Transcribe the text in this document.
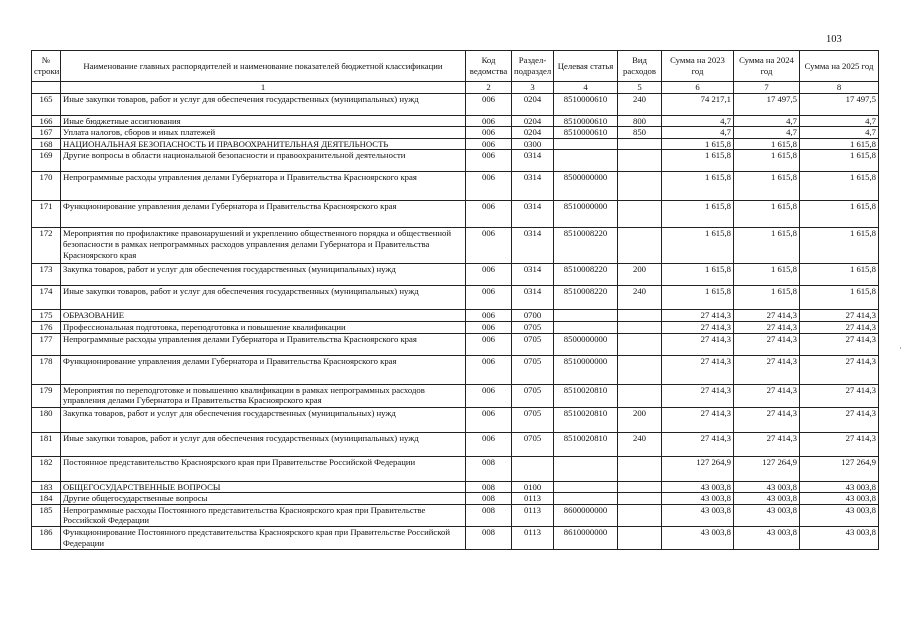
103
·
№ строки	Наименование главных распорядителей и наименование показателей бюджетной классификации	Код ведомства	Раздел-подраздел	Целевая статья	Вид расходов	Сумма на 2023 год	Сумма на 2024 год	Сумма на 2025 год
	1	2	3	4	5	6	7	8
165	Иные закупки товаров, работ и услуг для обеспечения государственных (муниципальных) нужд	006	0204	8510000610	240	74 217,1	17 497,5	17 497,5
166	Иные бюджетные ассигнования	006	0204	8510000610	800	4,7	4,7	4,7
167	Уплата налогов, сборов и иных платежей	006	0204	8510000610	850	4,7	4,7	4,7
168	НАЦИОНАЛЬНАЯ БЕЗОПАСНОСТЬ И ПРАВООХРАНИТЕЛЬНАЯ ДЕЯТЕЛЬНОСТЬ	006	0300			1 615,8	1 615,8	1 615,8
169	Другие вопросы в области национальной безопасности и правоохранительной деятельности	006	0314			1 615,8	1 615,8	1 615,8
170	Непрограммные расходы управления делами Губернатора и Правительства Красноярского края	006	0314	8500000000		1 615,8	1 615,8	1 615,8
171	Функционирование управления делами Губернатора и Правительства Красноярского края	006	0314	8510000000		1 615,8	1 615,8	1 615,8
172	Мероприятия по профилактике правонарушений и укреплению общественного порядка и общественной безопасности в рамках непрограммных расходов управления делами Губернатора и Правительства Красноярского края	006	0314	8510008220		1 615,8	1 615,8	1 615,8
173	Закупка товаров, работ и услуг для обеспечения государственных (муниципальных) нужд	006	0314	8510008220	200	1 615,8	1 615,8	1 615,8
174	Иные закупки товаров, работ и услуг для обеспечения государственных (муниципальных) нужд	006	0314	8510008220	240	1 615,8	1 615,8	1 615,8
175	ОБРАЗОВАНИЕ	006	0700			27 414,3	27 414,3	27 414,3
176	Профессиональная подготовка, переподготовка и повышение квалификации	006	0705			27 414,3	27 414,3	27 414,3
177	Непрограммные расходы управления делами Губернатора и Правительства Красноярского края	006	0705	8500000000		27 414,3	27 414,3	27 414,3
178	Функционирование управления делами Губернатора и Правительства Красноярского края	006	0705	8510000000		27 414,3	27 414,3	27 414,3
179	Мероприятия по переподготовке и повышению квалификации в рамках непрограммных расходов управления делами Губернатора и Правительства Красноярского края	006	0705	8510020810		27 414,3	27 414,3	27 414,3
180	Закупка товаров, работ и услуг для обеспечения государственных (муниципальных) нужд	006	0705	8510020810	200	27 414,3	27 414,3	27 414,3
181	Иные закупки товаров, работ и услуг для обеспечения государственных (муниципальных) нужд	006	0705	8510020810	240	27 414,3	27 414,3	27 414,3
182	Постоянное представительство Красноярского края при Правительстве Российской Федерации	008				127 264,9	127 264,9	127 264,9
183	ОБЩЕГОСУДАРСТВЕННЫЕ ВОПРОСЫ	008	0100			43 003,8	43 003,8	43 003,8
184	Другие общегосударственные вопросы	008	0113			43 003,8	43 003,8	43 003,8
185	Непрограммные расходы Постоянного представительства Красноярского края при Правительстве Российской Федерации	008	0113	8600000000		43 003,8	43 003,8	43 003,8
186	Функционирование Постоянного представительства Красноярского края при Правительстве Российской Федерации	008	0113	8610000000		43 003,8	43 003,8	43 003,8
